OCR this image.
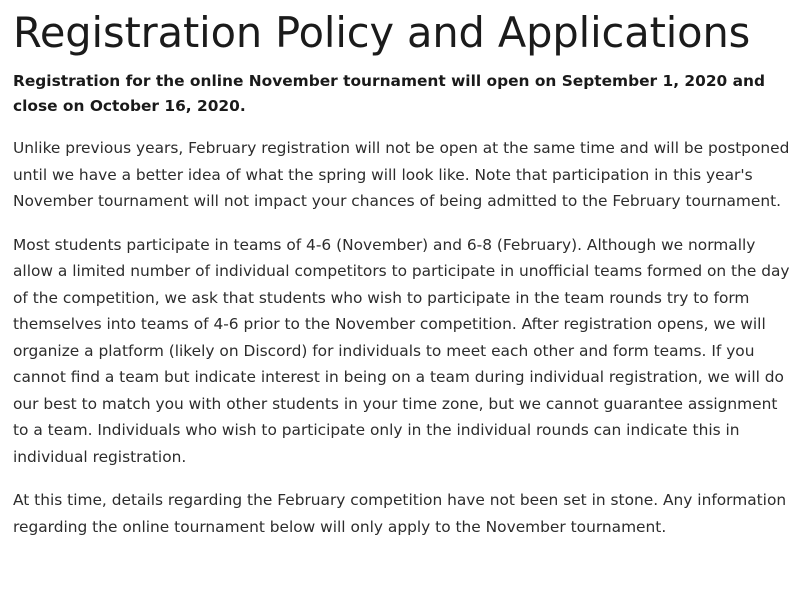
Registration Policy and Applications

Registration for the online November tournament will open on September 1, 2020 and close on October 16, 2020.

Unlike previous years, February registration will not be open at the same time and will be postponed until we have a better idea of what the spring will look like. Note that participation in this year's November tournament will not impact your chances of being admitted to the February tournament.

Most students participate in teams of 4-6 (November) and 6-8 (February). Although we normally allow a limited number of individual competitors to participate in unofficial teams formed on the day of the competition, we ask that students who wish to participate in the team rounds try to form themselves into teams of 4-6 prior to the November competition. After registration opens, we will organize a platform (likely on Discord) for individuals to meet each other and form teams. If you cannot find a team but indicate interest in being on a team during individual registration, we will do our best to match you with other students in your time zone, but we cannot guarantee assignment to a team. Individuals who wish to participate only in the individual rounds can indicate this in individual registration.

At this time, details regarding the February competition have not been set in stone. Any information regarding the online tournament below will only apply to the November tournament.
